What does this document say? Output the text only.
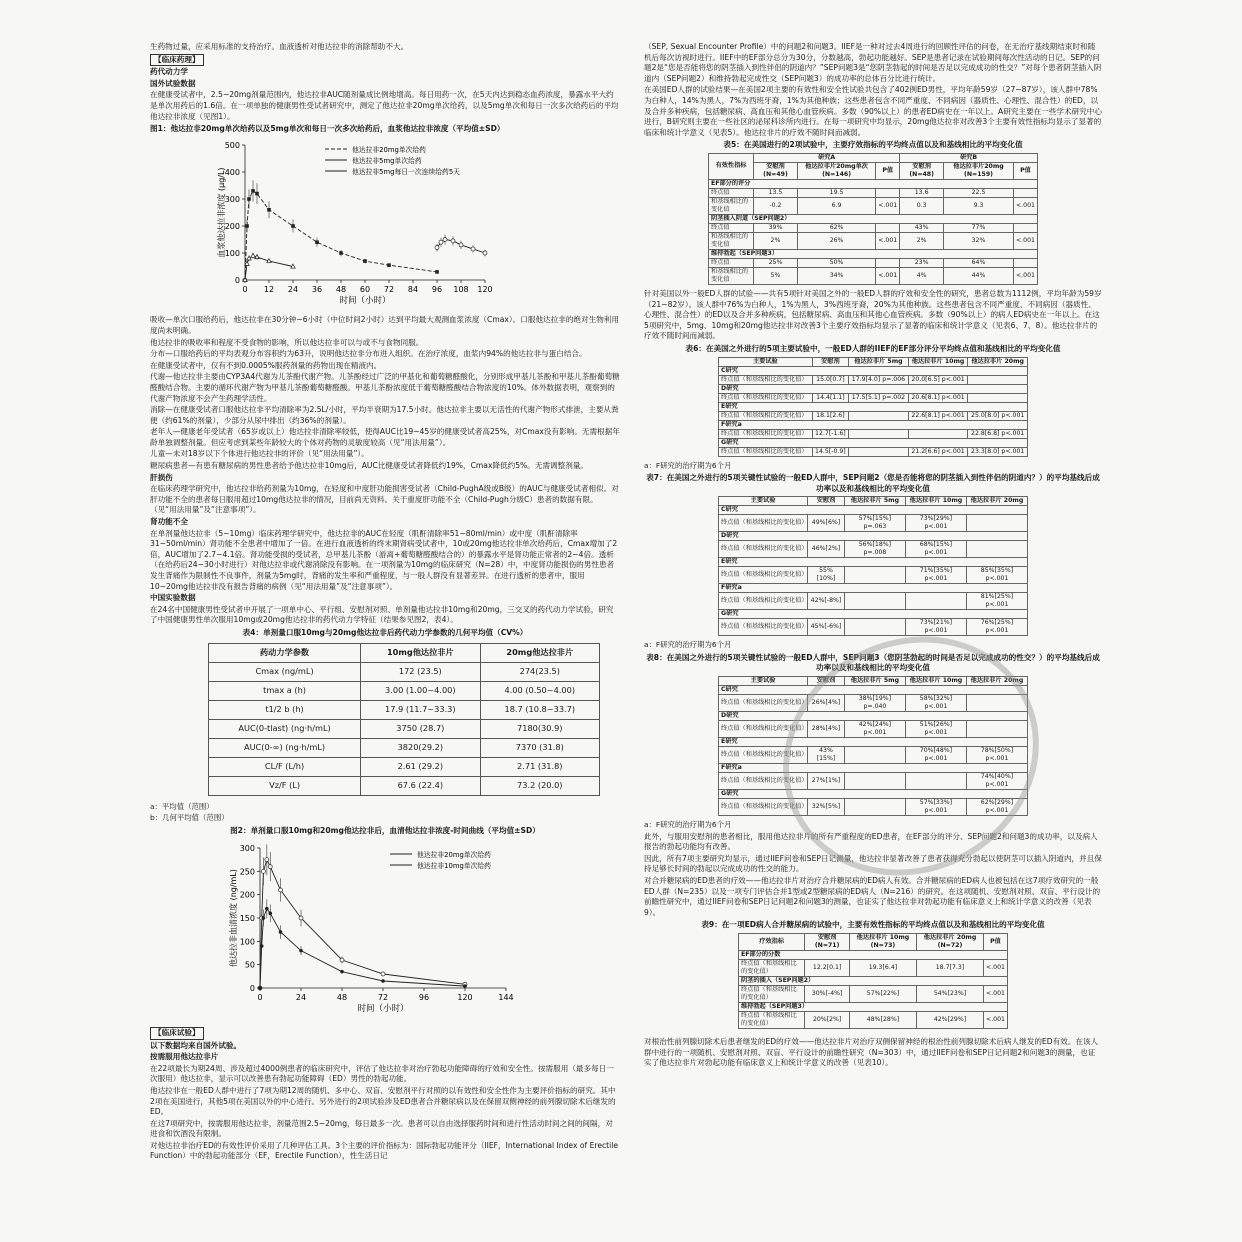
生药物过量，应采用标准的支持治疗。血液透析对他达拉非的消除帮助不大。

【临床药理】

药代动力学

国外试验数据

在健康受试者中，2.5~20mg剂量范围内，他达拉非AUC随剂量成比例地增高。每日用药一次，在5天内达到稳态血药浓度，暴露水平大约是单次用药后的1.6倍。在一项单独的健康男性受试者研究中，测定了他达拉非20mg单次给药，以及5mg单次和每日一次多次给药后的平均他达拉非浓度（见图1）。

图1：他达拉非20mg单次给药以及5mg单次和每日一次多次给药后，血浆他达拉非浓度（平均值±SD）

0
100
200
300
400
500
0 12 24 36 48 60 72 84 96 108 120
时间（小时）
血浆他达拉非浓度 (μg/L)
他达拉非20mg单次给药
他达拉非5mg单次给药
他达拉非5mg每日一次连续给药5天

吸收—单次口服给药后，他达拉非在30分钟~6小时（中位时间2小时）达到平均最大观测血浆浓度（Cmax）。口服他达拉非的绝对生物利用度尚未明确。

他达拉非的吸收率和程度不受食物的影响，所以他达拉非可以与或不与食物同服。

分布—口服给药后的平均表观分布容积约为63升，说明他达拉非分布进入组织。在治疗浓度，血浆内94%的他达拉非与蛋白结合。

在健康受试者中，仅有不到0.0005%服药剂量的药物出现在精液内。

代谢—他达拉非主要由CYP3A4代谢为儿茶酚代谢产物。儿茶酚经过广泛的甲基化和葡萄糖醛酸化，分别形成甲基儿茶酚和甲基儿茶酚葡萄糖醛酸结合物。主要的循环代谢产物为甲基儿茶酚葡萄糖醛酸。甲基儿茶酚浓度低于葡萄糖醛酸结合物浓度的10%。体外数据表明，观察到的代谢产物浓度不会产生药理学活性。

消除—在健康受试者口服他达拉非平均清除率为2.5L/小时，平均半衰期为17.5小时。他达拉非主要以无活性的代谢产物形式排泄，主要从粪便（约61%的剂量），少部分从尿中排出（约36%的剂量）。

老年人—健康老年受试者（65岁或以上）他达拉非清除率较低，使得AUC比19~45岁的健康受试者高25%，对Cmax没有影响。无需根据年龄单独调整剂量。但应考虑到某些年龄较大的个体对药物的灵敏度较高（见“用法用量”）。

儿童—未对18岁以下个体进行他达拉非的评价（见“用法用量”）。

糖尿病患者—有患有糖尿病的男性患者给予他达拉非10mg后，AUC比健康受试者降低约19%，Cmax降低约5%。无需调整剂量。

肝损伤

在临床药理学研究中，他达拉非给药剂量为10mg，在轻度和中度肝功能损害受试者（Child-PughA级或B级）的AUC与健康受试者相似。对肝功能不全的患者每日服用超过10mg他达拉非的情况，目前尚无资料。关于重度肝功能不全（Child-Pugh分级C）患者的数据有限。（见“用法用量”及“注意事项”）。

肾功能不全

在单剂量他达拉非（5~10mg）临床药理学研究中，他达拉非的AUC在轻度（肌酐清除率51~80ml/min）或中度（肌酐清除率31~50ml/min）肾功能不全患者中增加了一倍。在进行血液透析的终末期肾病受试者中，10或20mg他达拉非单次给药后，Cmax增加了2倍，AUC增加了2.7~4.1倍。肾功能受损的受试者，总甲基儿茶酚（游离+葡萄糖醛酸结合的）的暴露水平是肾功能正常者的2~4倍。透析（在给药后24~30小时进行）对他达拉非或代谢消除没有影响。在一项剂量为10mg的临床研究（N=28）中，中度肾功能损伤的男性患者发生背痛作为限制性不良事件，剂量为5mg时，背痛的发生率和严重程度，与一般人群没有显著差异。在进行透析的患者中，服用10~20mg他达拉非没有报告背痛的病例（见“用法用量”及“注意事项”）。

中国实验数据

在24名中国健康男性受试者中开展了一项单中心、平行组、安慰剂对照、单剂量他达拉非10mg和20mg，三交叉的药代动力学试验，研究了中国健康男性单次服用10mg或20mg他达拉非的药代动力学特征（结果参见图2，表4）。

表4：单剂量口服10mg与20mg他达拉非后药代动力学参数的几何平均值（CV%）

药动力学参数	10mg他达拉非片	20mg他达拉非片
Cmax (ng/mL)	172 (23.5)	274(23.5)
tmax a (h)	3.00 (1.00~4.00)	4.00 (0.50~4.00)
t1/2 b (h)	17.9 (11.7~33.3)	18.7 (10.8~33.7)
AUC(0-tlast) (ng·h/mL)	3750 (28.7)	7180(30.9)
AUC(0-∞) (ng·h/mL)	3820(29.2)	7370 (31.8)
CL/F (L/h)	2.61 (29.2)	2.71 (31.8)
Vz/F (L)	67.6 (22.4)	73.2 (20.0)

a：平均值（范围）

b：几何平均值（范围）

图2：单剂量口服10mg和20mg他达拉非后，血清他达拉非浓度-时间曲线（平均值±SD）

0
50
100
150
200
250
300
0	24	48	72	96	120	144
时间（小时）
他达拉非血清浓度 (ng/mL)
他达拉非20mg单次给药
他达拉非10mg单次给药

【临床试验】

以下数据均来自国外试验。

按需服用他达拉非片

在22项最长为期24周、涉及超过4000例患者的临床研究中，评估了他达拉非对治疗勃起功能障碍的疗效和安全性。按需服用（最多每日一次服用）他达拉非，显示可以改善患有勃起功能障碍（ED）男性的勃起功能。

他达拉非在一般ED人群中进行了7项为期12周的随机、多中心、双盲、安慰剂平行对照的以有效性和安全性作为主要评价指标的研究。其中2项在美国进行，其他5项在美国以外的中心进行。另外进行的2项试验涉及ED患者合并糖尿病以及在保留双侧神经的前列腺切除术后继发的ED。

在这7项研究中，按需服用他达拉非，剂量范围2.5~20mg，每日最多一次。患者可以自由选择服药时间和进行性活动时间之间的间隔，对进食和饮酒没有限制。

对他达拉非治疗ED的有效性评价采用了几种评估工具。3个主要的评价指标为：国际勃起功能评分（IIEF，International Index of Erectile Function）中的勃起功能部分（EF，Erectile Function），性生活日记

（SEP, Sexual Encounter Profile）中的问题2和问题3。IIEF是一种对过去4周进行的回顾性评估的问卷，在无治疗基线期结束时和随机后每次访视时进行。IIEF中的EF部分总分为30分，分数越高，勃起功能越好。SEP是患者记录在试验期间每次性活动的日记。SEP的问题2是“您是否能将您的阴茎插入到性伴侣的阴道内？”SEP问题3是“您阴茎勃起的时间是否足以完成成功的性交？”对每个患者阴茎插入阴道内（SEP问题2）和维持勃起完成性交（SEP问题3）的成功率的总体百分比进行统计。

在美国ED人群的试验结果—在美国2项主要的有效性和安全性试验共包含了402例ED男性，平均年龄59岁（27~87岁），该人群中78%为白种人，14%为黑人，7%为西班牙裔，1%为其他种族；这些患者包含不同严重度、不同病因（器质性、心理性、混合性）的ED，以及合并多种疾病，包括糖尿病、高血压和其他心血管疾病。多数（90%以上）的患者ED病史在一年以上。A研究主要在一些学术研究中心进行，B研究则主要在一些社区的泌尿科诊所内进行。在每一项研究中均显示，20mg他达拉非对改善3个主要有效性指标均显示了显著的临床和统计学意义（见表5）。他达拉非片的疗效不随时间而减弱。

表5：在美国进行的2项试验中，主要疗效指标的平均终点值以及和基线相比的平均变化值

有效性指标	研究A			研究B		
	安慰剂 (N=49)	他达拉非片20mg单次 (N=146)	P值	安慰剂 (N=48)	他达拉非片20mg (N=159)	P值
EF部分的评分						
终点值	13.5	19.5		13.6	22.5	
和基线相比的变化值	-0.2	6.9	<.001	0.3	9.3	<.001
阴茎插入阴道（SEP问题2）						
终点值	39%	62%		43%	77%	
和基线相比的变化值	2%	26%	<.001	2%	32%	<.001
维持勃起（SEP问题3）						
终点值	25%	50%		23%	64%	
和基线相比的变化值	5%	34%	<.001	4%	44%	<.001

针对美国以外一般ED人群的试验——共有5项针对美国之外的一般ED人群的疗效和安全性的研究，患者总数为1112例，平均年龄为59岁（21~82岁）。该人群中76%为白种人，1%为黑人，3%西班牙裔，20%为其他种族。这些患者包含不同严重度、不同病因（器质性、心理性、混合性）的ED以及合并多种疾病，包括糖尿病、高血压和其他心血管疾病。多数（90%以上）的病人ED病史在一年以上。在这5项研究中，5mg、10mg和20mg他达拉非对改善3个主要疗效指标均显示了显著的临床和统计学意义（见表6、7、8）。他达拉非片的疗效不随时间而减弱。

表6：在美国之外进行的5项主要试验中，一般ED人群的IIEF的EF部分评分平均终点值和基线相比的平均变化值

主要试验	安慰剂	他达拉非片 5mg	他达拉非片 10mg	他达拉非片 20mg
C研究				
终点值（和基线相比的变化值）	15.0[0.7]	17.9[4.0] p=.006	20.0[6.5] p<.001	
D研究				
终点值（和基线相比的变化值）	14.4[1.1]	17.5[5.1] p=.002	20.6[8.1] p<.001	
E研究				
终点值（和基线相比的变化值）	18.1[2.6]		22.6[8.1] p<.001	25.0[8.0] p<.001
F研究a				
终点值（和基线相比的变化值）	12.7[-1.6]			22.8[6.8] p<.001
G研究				
终点值（和基线相比的变化值）	14.5[-0.9]		21.2[6.6] p<.001	23.3[8.0] p<.001

a：F研究的治疗期为6个月

表7：在美国之外进行的5项关键性试验的一般ED人群中，SEP问题2（您是否能将您的阴茎插入到性伴侣的阴道内？）的平均基线后成功率以及和基线相比的平均变化值

主要试验	安慰剂	他达拉非片 5mg	他达拉非片 10mg	他达拉非片 20mg
C研究				
终点值（和基线相比的变化值）	49%[6%]	57%[15%] p=.063	73%[29%] p<.001	
D研究				
终点值（和基线相比的变化值）	46%[2%]	56%[18%] p=.008	68%[15%] p<.001	
E研究				
终点值（和基线相比的变化值）	55%[10%]		71%[35%] p<.001	85%[35%] p<.001
F研究a				
终点值（和基线相比的变化值）	42%[-8%]			81%[25%] p<.001
G研究				
终点值（和基线相比的变化值）	45%[-6%]		73%[21%] p<.001	76%[25%] p<.001

a：F研究的治疗期为6个月

表8：在美国之外进行的5项关键性试验的一般ED人群中，SEP问题3（您阴茎勃起的时间是否足以完成成功的性交？）的平均基线后成功率以及和基线相比的平均变化值

主要试验	安慰剂	他达拉非片 5mg	他达拉非片 10mg	他达拉非片 20mg
C研究				
终点值（和基线相比的变化值）	26%[4%]	38%[19%] p=.040	58%[32%] p<.001	
D研究				
终点值（和基线相比的变化值）	28%[4%]	42%[24%] p<.001	51%[26%] p<.001	
E研究				
终点值（和基线相比的变化值）	43%[15%]		70%[48%] p<.001	78%[50%] p<.001
F研究a				
终点值（和基线相比的变化值）	27%[1%]			74%[40%] p<.001
G研究				
终点值（和基线相比的变化值）	32%[5%]		57%[33%] p<.001	62%[29%] p<.001

a：F研究的治疗期为6个月

此外，与服用安慰剂的患者相比，服用他达拉非片的所有严重程度的ED患者，在EF部分的评分、SEP问题2和问题3的成功率，以及病人报告的勃起功能均有改善。

因此，所有7项主要研究均显示，通过IIEF问卷和SEP日记测量，他达拉非显著改善了患者获得充分勃起以使阴茎可以插入阴道内，并且保持足够长时间的勃起以完成成功的性交的能力。

对合并糖尿病的ED患者的疗效——他达拉非片对治疗合并糖尿病的ED病人有效。合并糖尿病的ED病人也被包括在这7项疗效研究的一般ED人群（N=235）以及一项专门评估合并1型或2型糖尿病的ED病人（N=216）的研究。在这项随机、安慰剂对照、双盲、平行设计的前瞻性研究中，通过IIEF问卷和SEP日记问题2和问题3的测量，也证实了他达拉非对勃起功能有临床意义上和统计学意义的改善（见表9）。

表9：在一项ED病人合并糖尿病的试验中，主要有效性指标的平均终点值以及和基线相比的平均变化值

疗效指标	安慰剂 (N=71)	他达拉非片 10mg (N=73)	他达拉非片 20mg (N=72)	P值
EF部分的分数				
终点值（和基线相比的变化值）	12.2[0.1]	19.3[6.4]	18.7[7.3]	<.001
阴茎的插入（SEP问题2）				
终点值（和基线相比的变化值）	30%[-4%]	57%[22%]	54%[23%]	<.001
维持勃起（SEP问题3）				
终点值（和基线相比的变化值）	20%[2%]	48%[28%]	42%[29%]	<.001

对根治性前列腺切除术后患者继发的ED的疗效——他达拉非片对治疗双侧保留神经的根治性前列腺切除术后病人继发的ED有效。在该人群中进行的一项随机、安慰剂对照、双盲、平行设计的前瞻性研究（N=303）中，通过IIEF问卷和SEP日记问题2和问题3的测量，也证实了他达拉非片对勃起功能有临床意义上和统计学意义的改善（见表10）。
